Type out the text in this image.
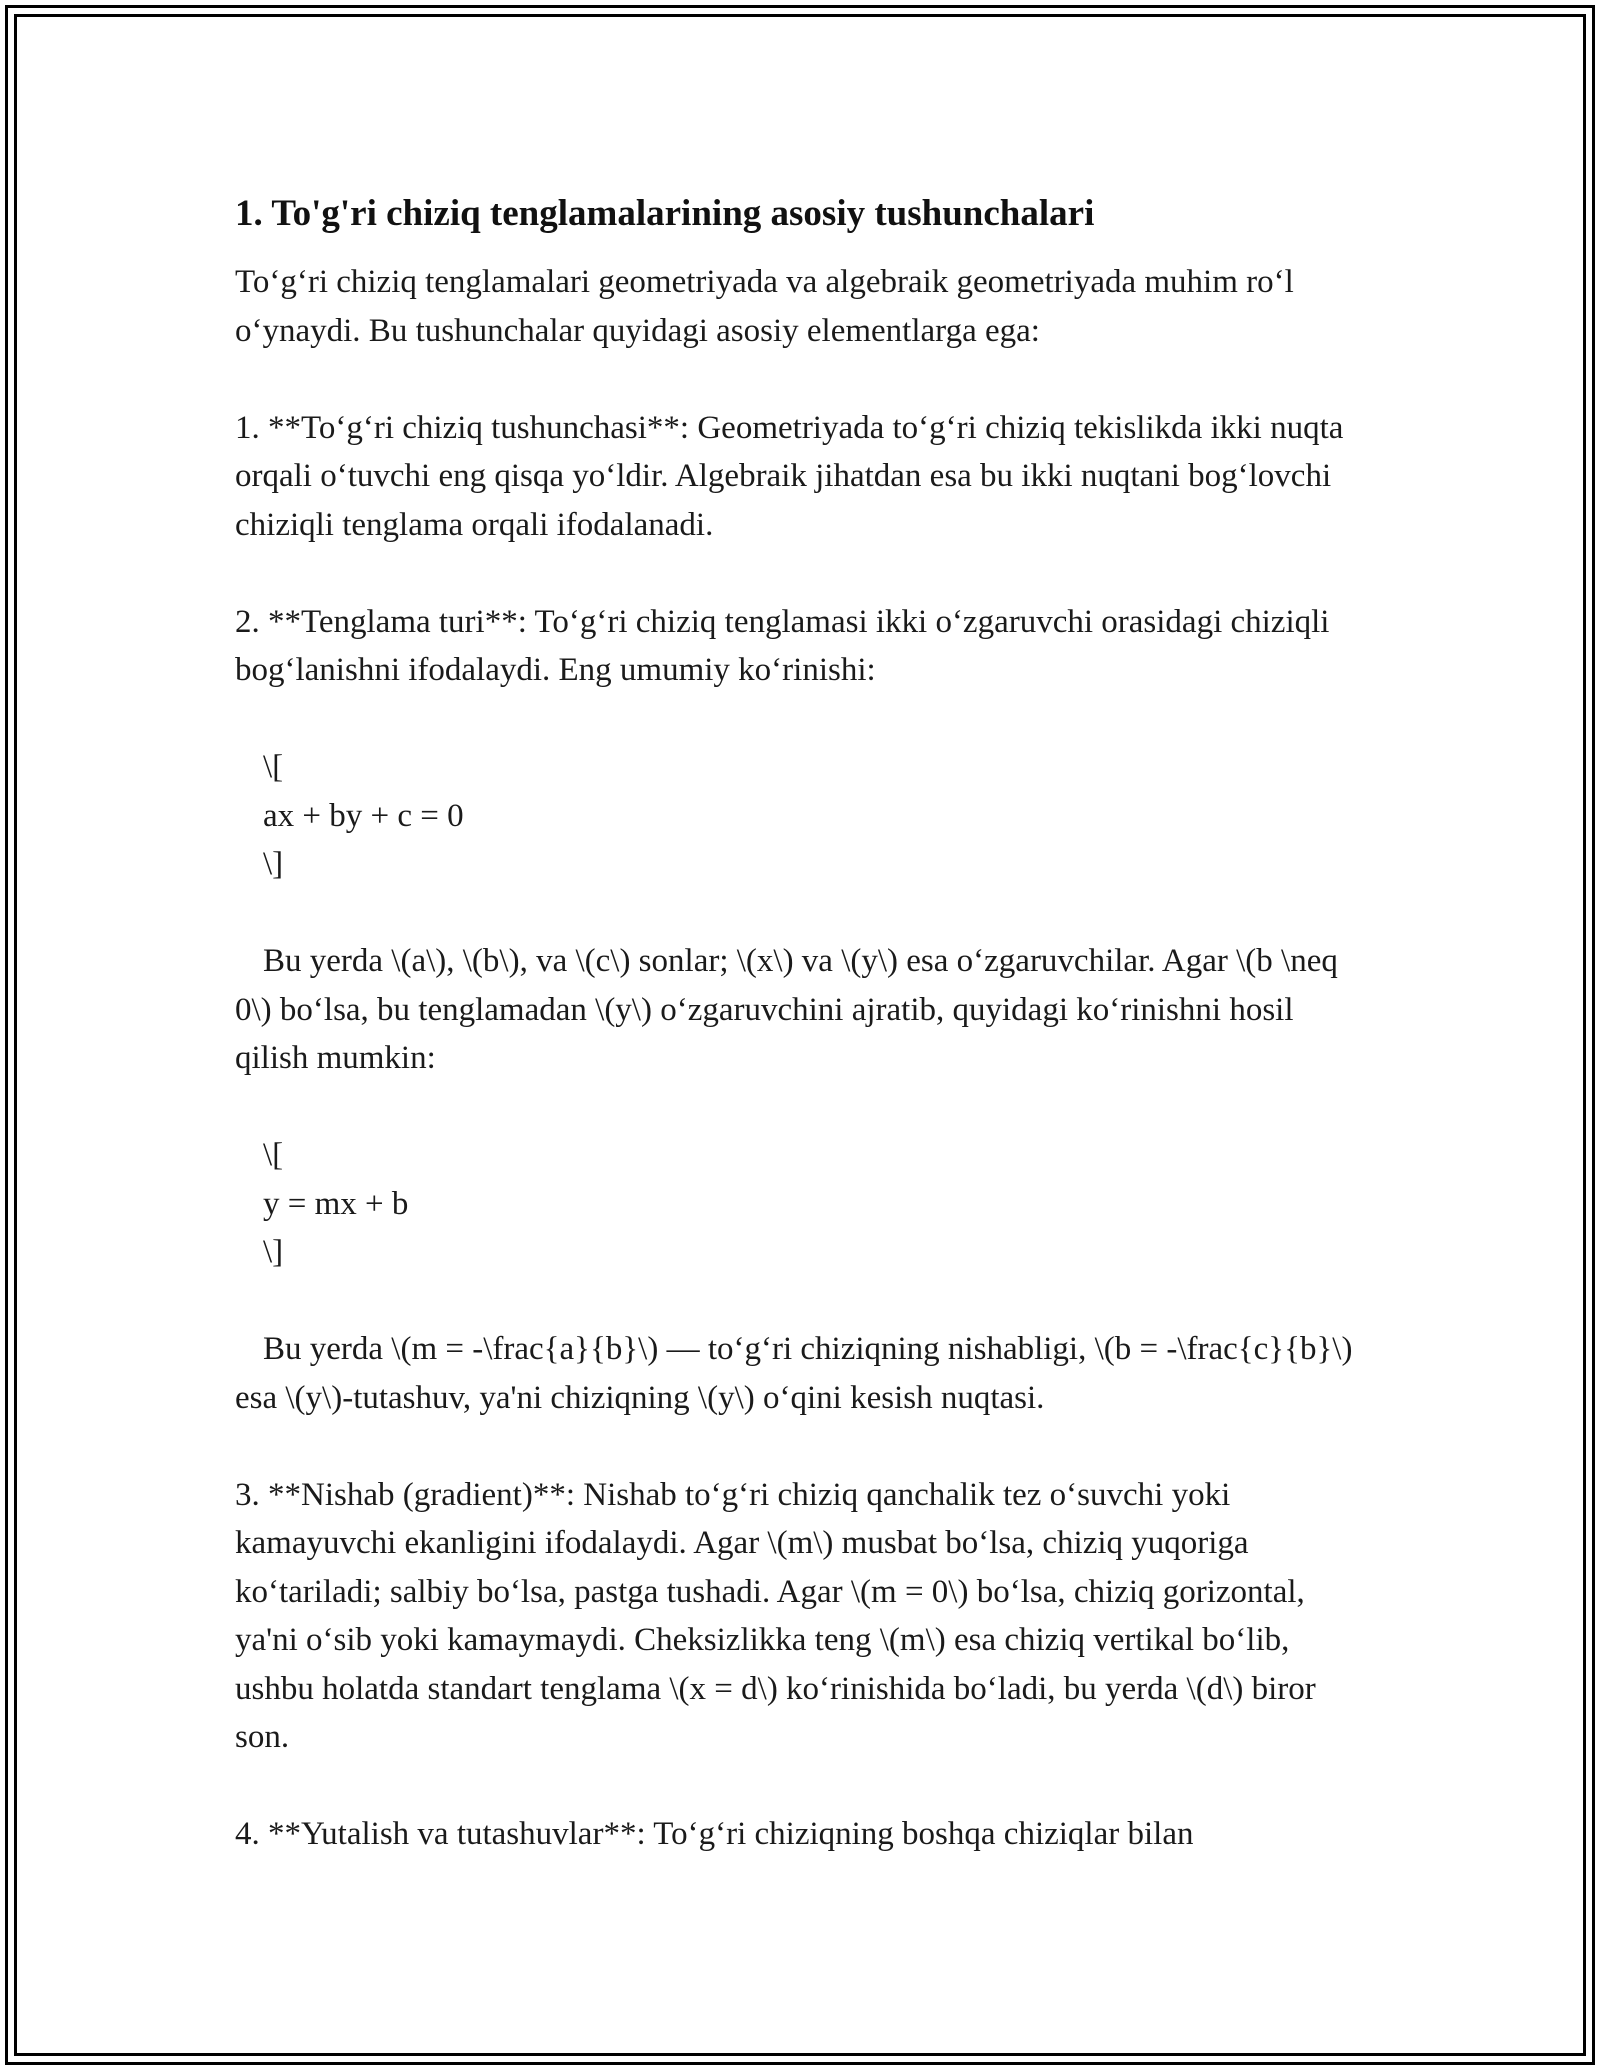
1. To'g'ri chiziq tenglamalarining asosiy tushunchalari

To‘g‘ri chiziq tenglamalari geometriyada va algebraik geometriyada muhim ro‘l o‘ynaydi. Bu tushunchalar quyidagi asosiy elementlarga ega:

1. **To‘g‘ri chiziq tushunchasi**: Geometriyada to‘g‘ri chiziq tekislikda ikki nuqta orqali o‘tuvchi eng qisqa yo‘ldir. Algebraik jihatdan esa bu ikki nuqtani bog‘lovchi chiziqli tenglama orqali ifodalanadi.

2. **Tenglama turi**: To‘g‘ri chiziq tenglamasi ikki o‘zgaruvchi orasidagi chiziqli bog‘lanishni ifodalaydi. Eng umumiy ko‘rinishi:

\[

ax + by + c = 0

\]

Bu yerda \(a\), \(b\), va \(c\) sonlar; \(x\) va \(y\) esa o‘zgaruvchilar. Agar \(b \neq 0\) bo‘lsa, bu tenglamadan \(y\) o‘zgaruvchini ajratib, quyidagi ko‘rinishni hosil qilish mumkin:

\[

y = mx + b

\]

Bu yerda \(m = -\frac{a}{b}\) — to‘g‘ri chiziqning nishabligi, \(b = -\frac{c}{b}\) esa \(y\)-tutashuv, ya'ni chiziqning \(y\) o‘qini kesish nuqtasi.

3. **Nishab (gradient)**: Nishab to‘g‘ri chiziq qanchalik tez o‘suvchi yoki kamayuvchi ekanligini ifodalaydi. Agar \(m\) musbat bo‘lsa, chiziq yuqoriga ko‘tariladi; salbiy bo‘lsa, pastga tushadi. Agar \(m = 0\) bo‘lsa, chiziq gorizontal, ya'ni o‘sib yoki kamaymaydi. Cheksizlikka teng \(m\) esa chiziq vertikal bo‘lib, ushbu holatda standart tenglama \(x = d\) ko‘rinishida bo‘ladi, bu yerda \(d\) biror son.

4. **Yutalish va tutashuvlar**: To‘g‘ri chiziqning boshqa chiziqlar bilan
